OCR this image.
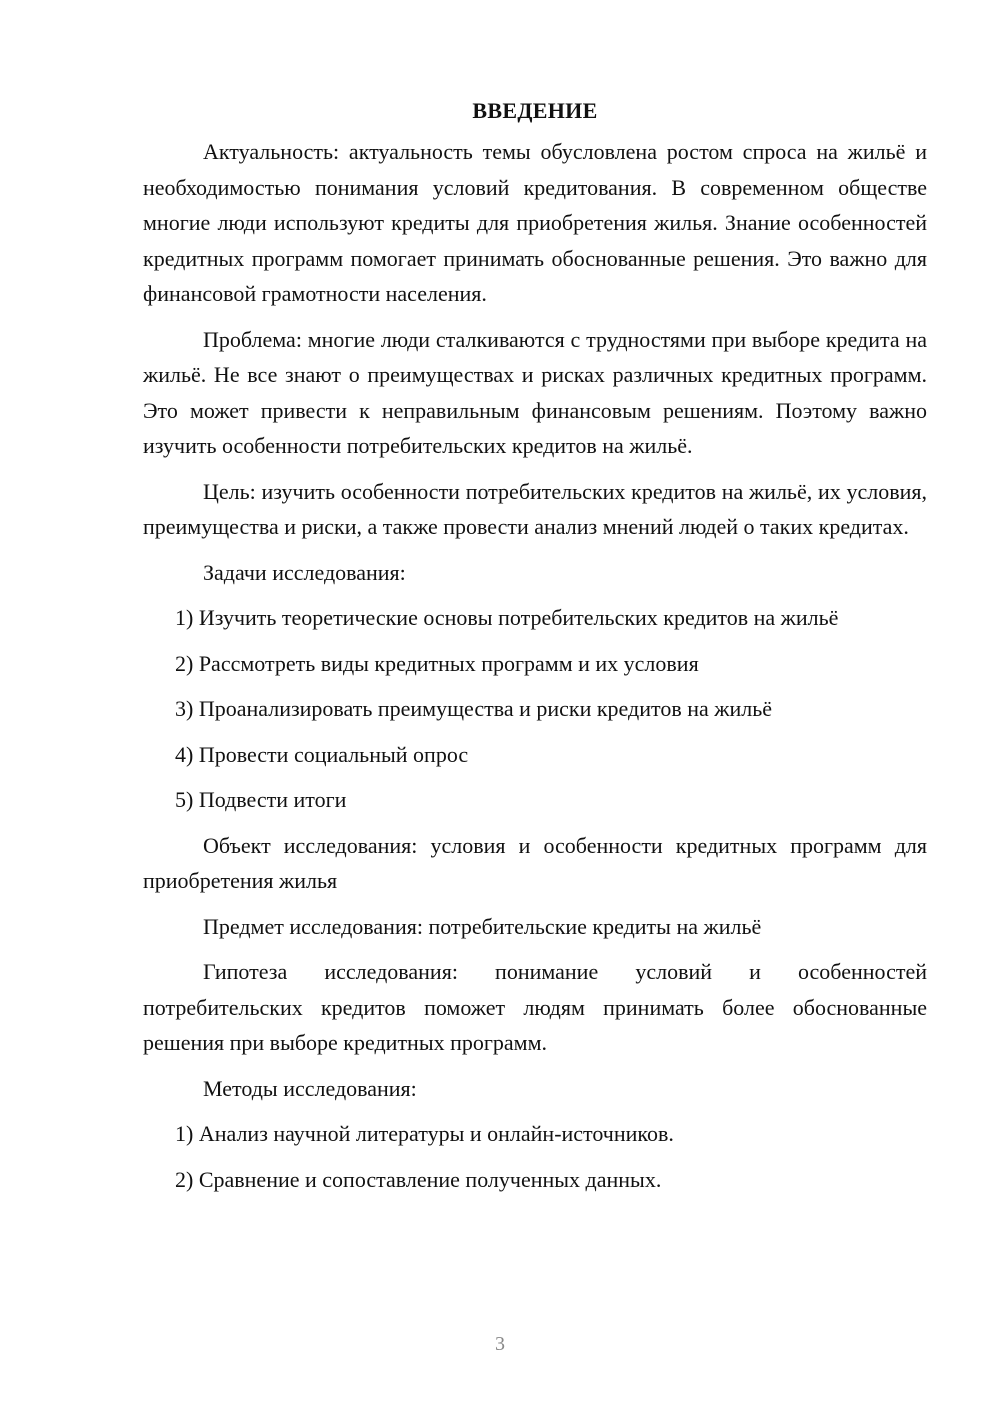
ВВЕДЕНИЕ

Актуальность: актуальность темы обусловлена ростом спроса на жильё и необходимостью понимания условий кредитования. В современном обществе многие люди используют кредиты для приобретения жилья. Знание особенностей кредитных программ помогает принимать обоснованные решения. Это важно для финансовой грамотности населения.

Проблема: многие люди сталкиваются с трудностями при выборе кредита на жильё. Не все знают о преимуществах и рисках различных кредитных программ. Это может привести к неправильным финансовым решениям. Поэтому важно изучить особенности потребительских кредитов на жильё.

Цель: изучить особенности потребительских кредитов на жильё, их условия, преимущества и риски, а также провести анализ мнений людей о таких кредитах.

Задачи исследования:
1) Изучить теоретические основы потребительских кредитов на жильё
2) Рассмотреть виды кредитных программ и их условия
3) Проанализировать преимущества и риски кредитов на жильё
4) Провести социальный опрос
5) Подвести итоги

Объект исследования: условия и особенности кредитных программ для приобретения жилья

Предмет исследования: потребительские кредиты на жильё

Гипотеза исследования: понимание условий и особенностей потребительских кредитов поможет людям принимать более обоснованные решения при выборе кредитных программ.

Методы исследования:
1) Анализ научной литературы и онлайн-источников.
2) Сравнение и сопоставление полученных данных.
3
